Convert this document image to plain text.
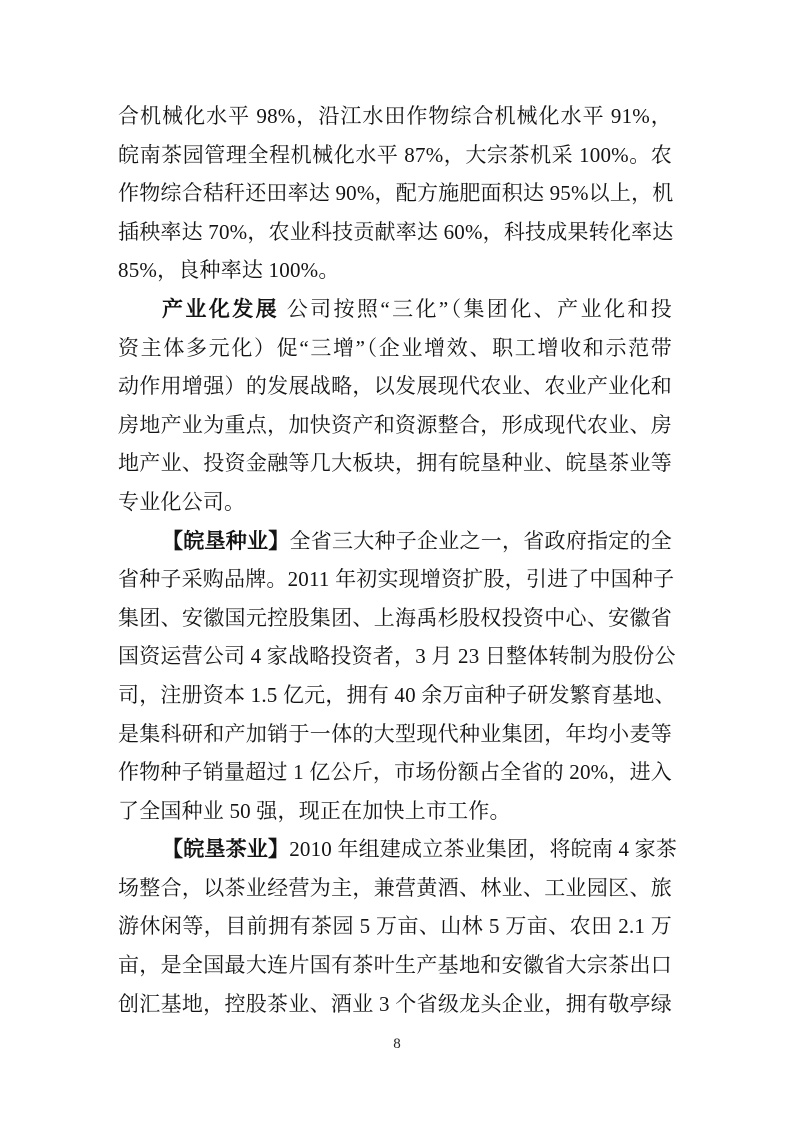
合机械化水平 98%，沿江水田作物综合机械化水平 91%，
皖南茶园管理全程机械化水平 87%，大宗茶机采 100%。农
作物综合秸秆还田率达 90%，配方施肥面积达 95%以上，机
插秧率达 70%，农业科技贡献率达 60%，科技成果转化率达
85%，良种率达 100%。
产业化发展 公司按照“三化”（集团化、产业化和投
资主体多元化）促“三增”（企业增效、职工增收和示范带
动作用增强）的发展战略，以发展现代农业、农业产业化和
房地产业为重点，加快资产和资源整合，形成现代农业、房
地产业、投资金融等几大板块，拥有皖垦种业、皖垦茶业等
专业化公司。
【皖垦种业】全省三大种子企业之一，省政府指定的全
省种子采购品牌。2011 年初实现增资扩股，引进了中国种子
集团、安徽国元控股集团、上海禹杉股权投资中心、安徽省
国资运营公司 4 家战略投资者，3 月 23 日整体转制为股份公
司，注册资本 1.5 亿元，拥有 40 余万亩种子研发繁育基地、
是集科研和产加销于一体的大型现代种业集团，年均小麦等
作物种子销量超过 1 亿公斤，市场份额占全省的 20%，进入
了全国种业 50 强，现正在加快上市工作。
【皖垦茶业】2010 年组建成立茶业集团，将皖南 4 家茶
场整合，以茶业经营为主，兼营黄酒、林业、工业园区、旅
游休闲等，目前拥有茶园 5 万亩、山林 5 万亩、农田 2.1 万
亩，是全国最大连片国有茶叶生产基地和安徽省大宗茶出口
创汇基地，控股茶业、酒业 3 个省级龙头企业，拥有敬亭绿
8
